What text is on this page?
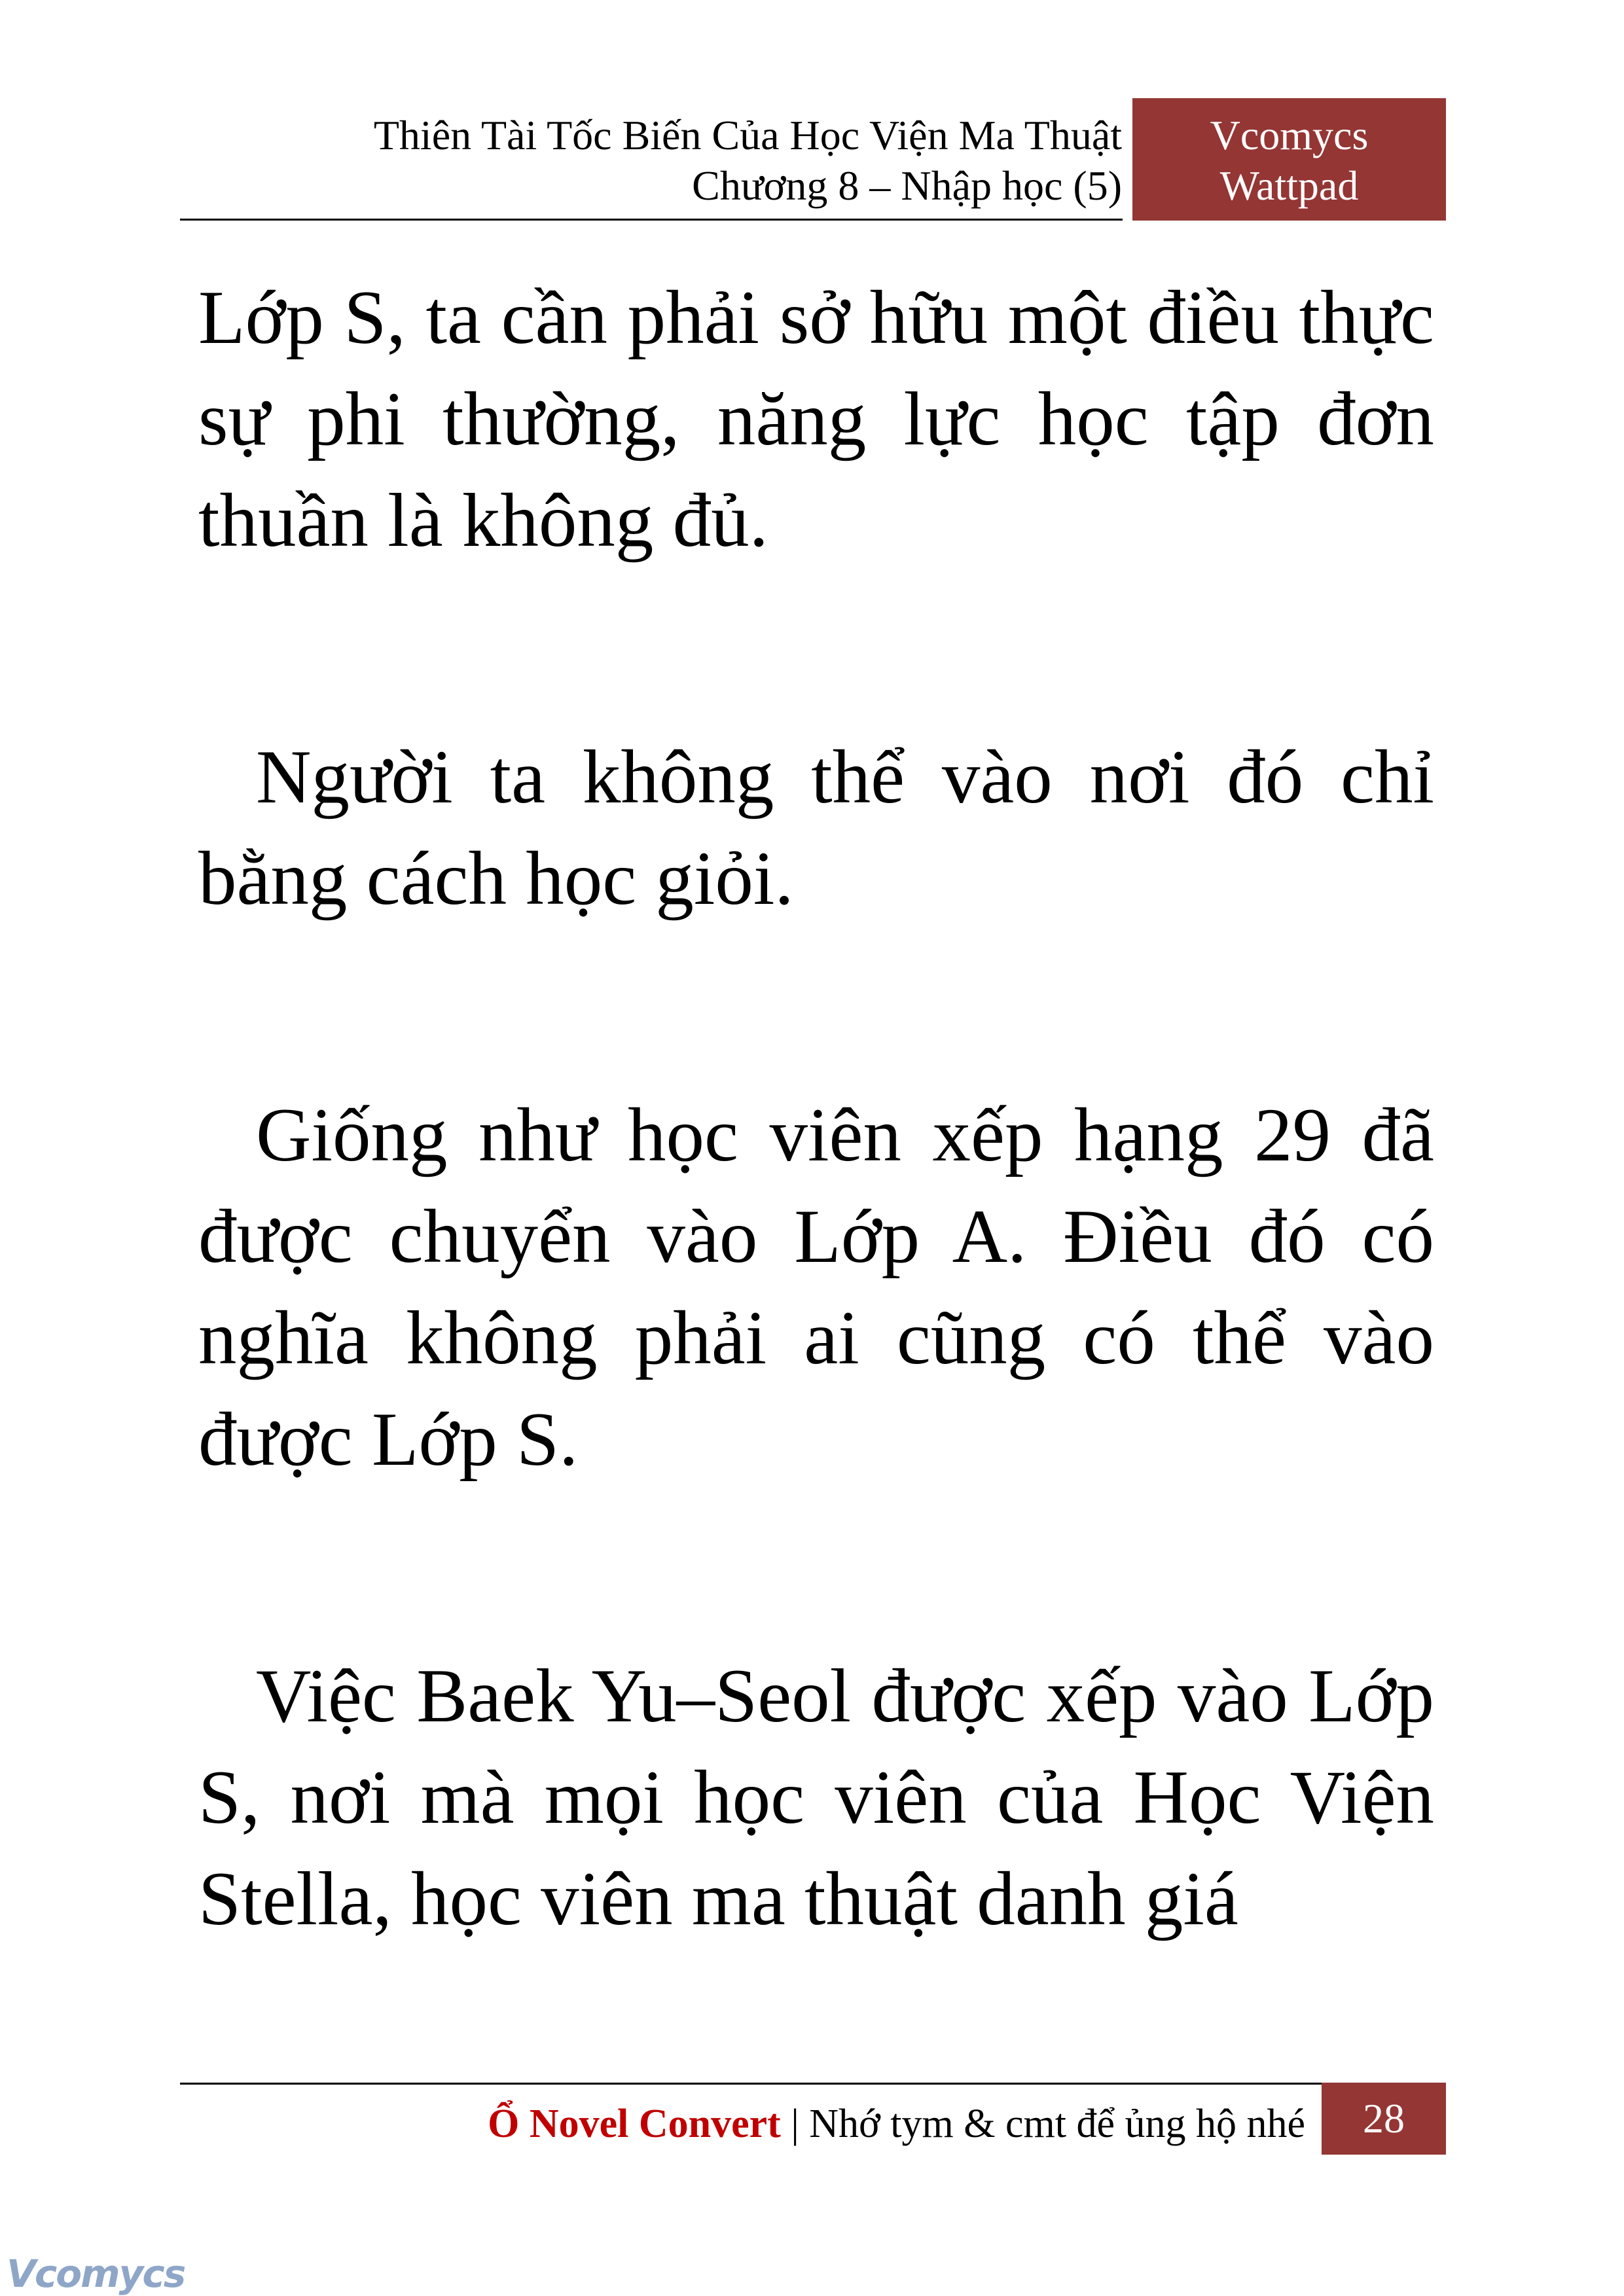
Thiên Tài Tốc Biến Của Học Viện Ma Thuật
Chương 8 – Nhập học (5)
Vcomycs
Wattpad

Lớp S, ta cần phải sở hữu một điều thực sự phi thường, năng lực học tập đơn thuần là không đủ.

Người ta không thể vào nơi đó chỉ bằng cách học giỏi.

Giống như học viên xếp hạng 29 đã được chuyển vào Lớp A. Điều đó có nghĩa không phải ai cũng có thể vào được Lớp S.

Việc Baek Yu–Seol được xếp vào Lớp S, nơi mà mọi học viên của Học Viện Stella, học viên ma thuật danh giá

Ổ Novel Convert | Nhớ tym & cmt để ủng hộ nhé	28
Vcomycs
